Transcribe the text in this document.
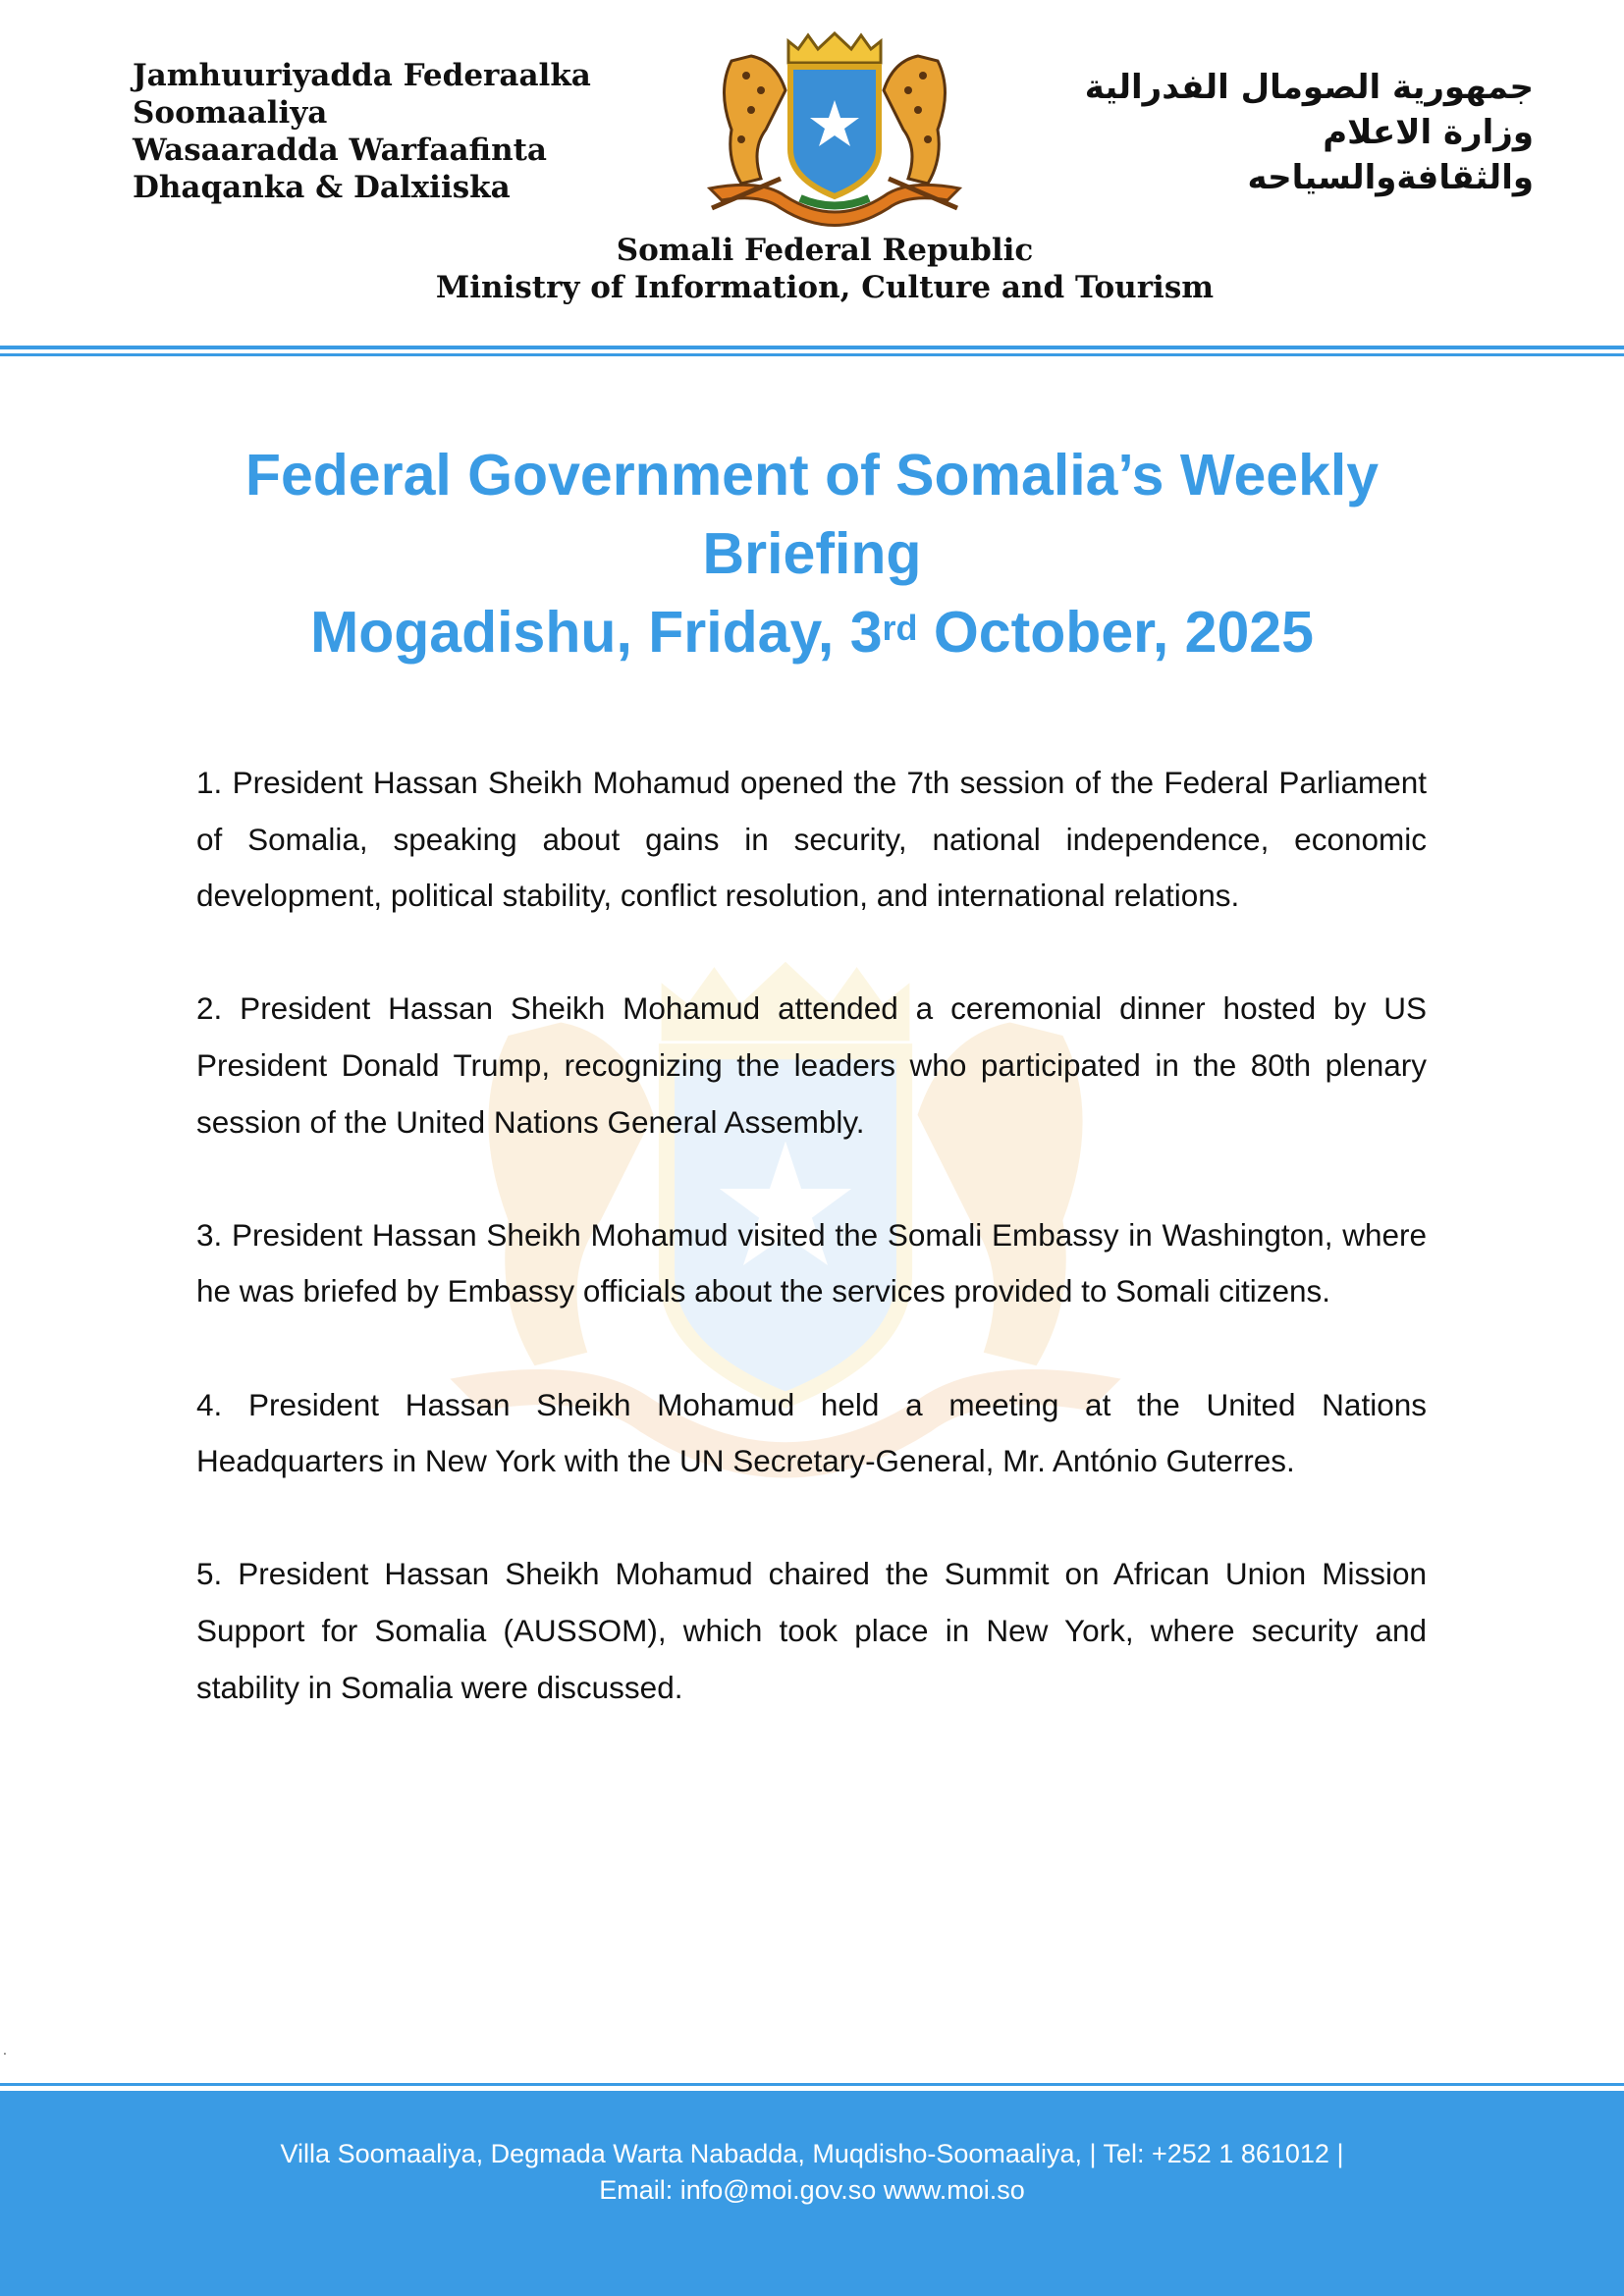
Jamhuuriyadda Federaalka
Soomaaliya
Wasaaradda Warfaafinta
Dhaqanka & Dalxiiska
جمهورية الصومال الفدرالية
وزارة الاعلام
والثقافةوالسياحه
Somali Federal Republic
Ministry of Information, Culture and Tourism
Federal Government of Somalia’s Weekly
Briefing
Mogadishu, Friday, 3rd October, 2025

1. President Hassan Sheikh Mohamud opened the 7th session of the Federal Parliament of Somalia, speaking about gains in security, national independence, economic development, political stability, conflict resolution, and international relations.

2. President Hassan Sheikh Mohamud attended a ceremonial dinner hosted by US President Donald Trump, recognizing the leaders who participated in the 80th plenary session of the United Nations General Assembly.

3. President Hassan Sheikh Mohamud visited the Somali Embassy in Washington, where he was briefed by Embassy officials about the services provided to Somali citizens.

4. President Hassan Sheikh Mohamud held a meeting at the United Nations Headquarters in New York with the UN Secretary-General, Mr. António Guterres.

5. President Hassan Sheikh Mohamud chaired the Summit on African Union Mission Support for Somalia (AUSSOM), which took place in New York, where security and stability in Somalia were discussed.

.
Villa Soomaaliya, Degmada Warta Nabadda, Muqdisho-Soomaaliya, | Tel: +252 1 861012 |
Email: info@moi.gov.so www.moi.so
